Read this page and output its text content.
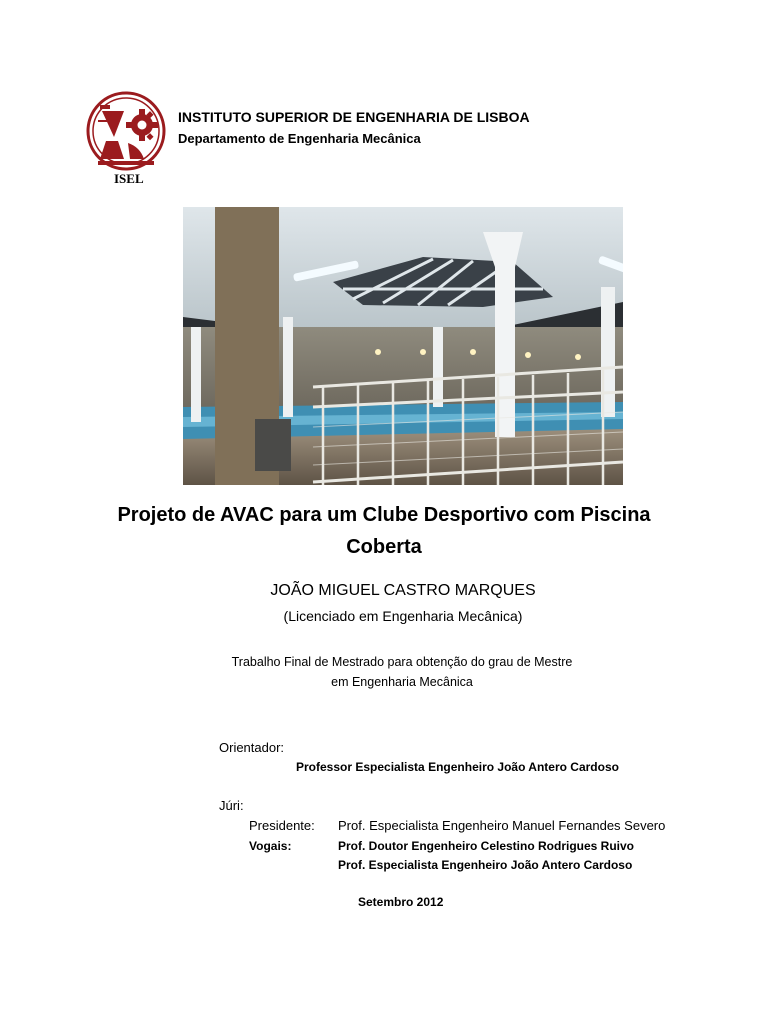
ISEL
INSTITUTO SUPERIOR DE ENGENHARIA DE LISBOA
Departamento de Engenharia Mecânica
Projeto de AVAC para um Clube Desportivo com Piscina Coberta
JOÃO MIGUEL CASTRO MARQUES
(Licenciado em Engenharia Mecânica)
Trabalho Final de Mestrado para obtenção do grau de Mestre
em Engenharia Mecânica
Orientador:
Professor Especialista Engenheiro João Antero Cardoso
Júri:
Presidente: Prof. Especialista Engenheiro Manuel Fernandes Severo
Vogais:	Prof. Doutor Engenheiro Celestino Rodrigues Ruivo
Prof. Especialista Engenheiro João Antero Cardoso
Setembro 2012
